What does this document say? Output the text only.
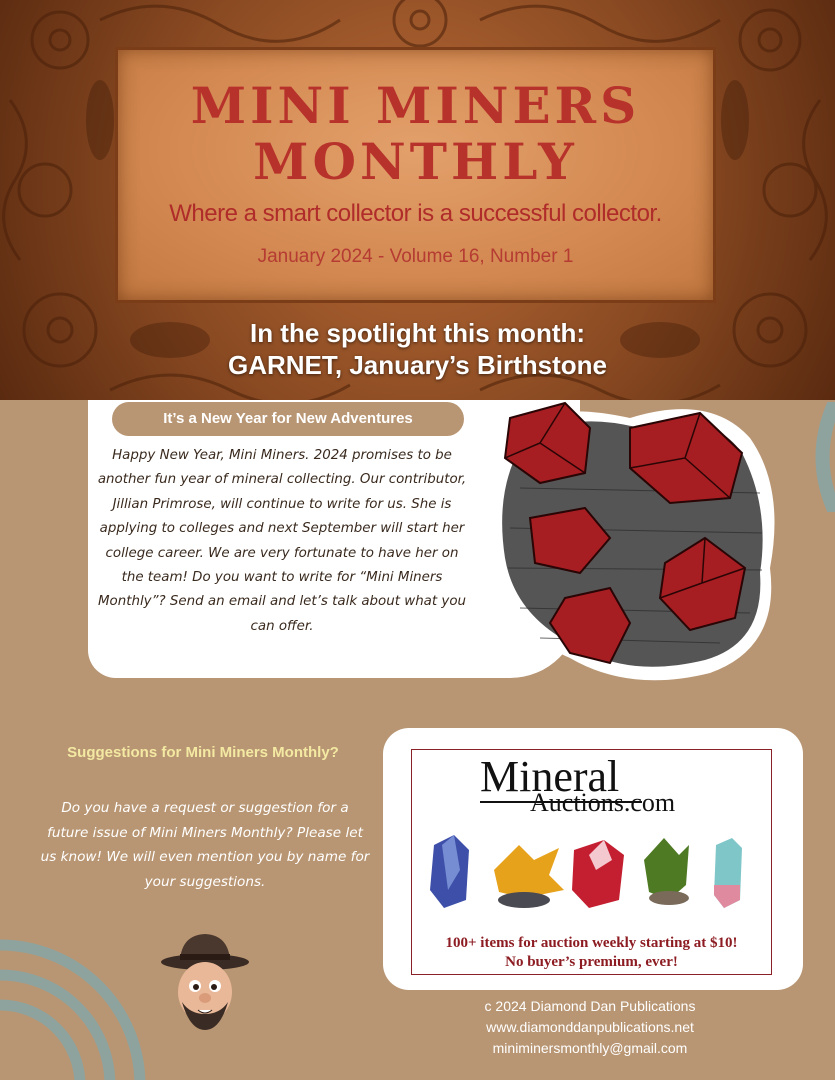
MINI MINERS
MONTHLY
Where a smart collector is a successful collector.
January 2024 - Volume 16, Number 1
In the spotlight this month:
GARNET, January’s Birthstone
It’s a New Year for New Adventures
Happy New Year, Mini Miners. 2024 promises to be another fun year of mineral collecting. Our contributor, Jillian Primrose, will continue to write for us. She is applying to colleges and next September will start her college career. We are very fortunate to have her on the team! Do you want to write for “Mini Miners Monthly”? Send an email and let’s talk about what you can offer.
Suggestions for Mini Miners Monthly?
Do you have a request or suggestion for a future issue of Mini Miners Monthly? Please let us know! We will even mention you by name for your suggestions.
Mineral
Auctions.com
100+ items for auction weekly starting at $10!
No buyer’s premium, ever!
c 2024 Diamond Dan Publications
www.diamonddanpublications.net
miniminersmonthly@gmail.com
